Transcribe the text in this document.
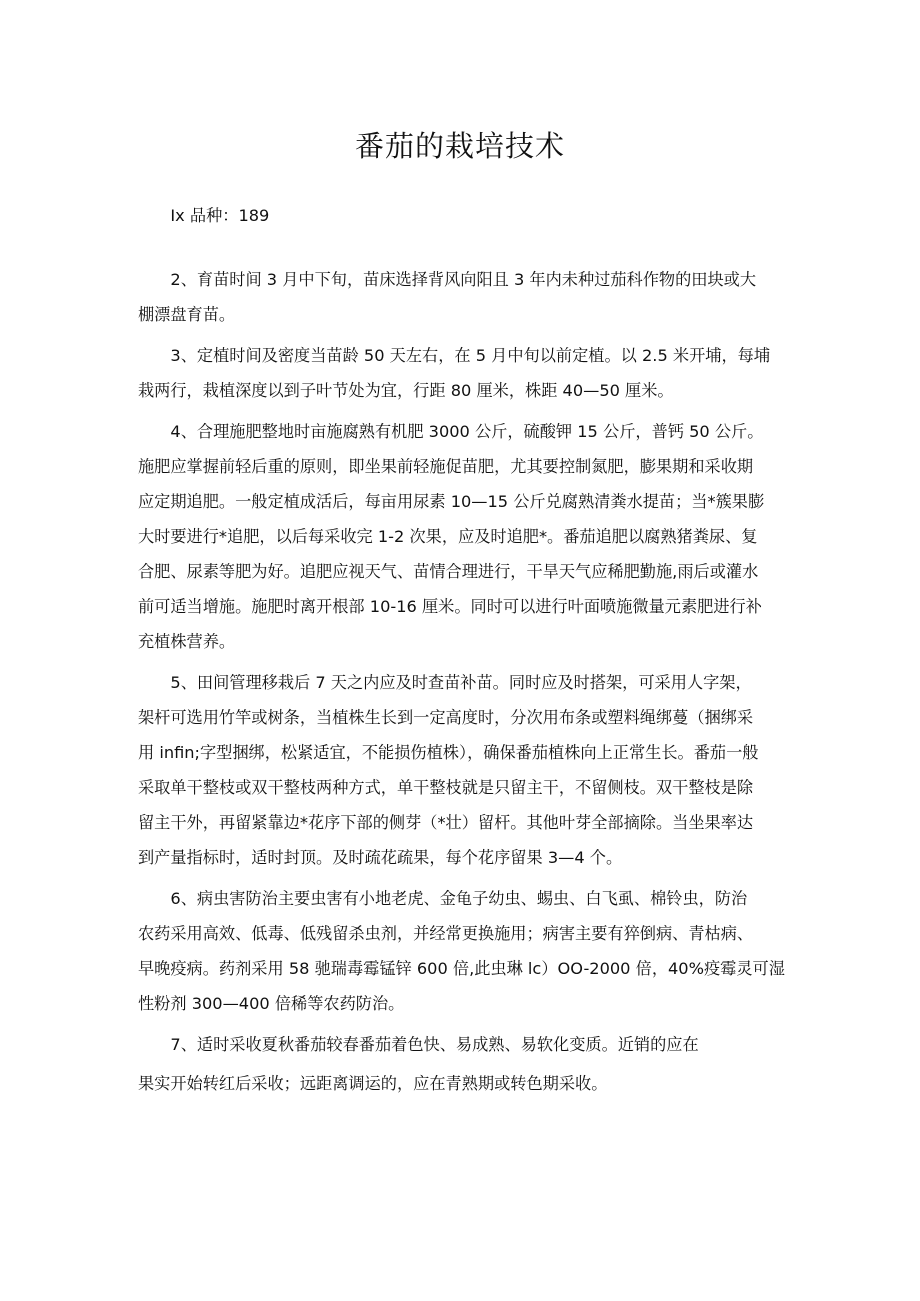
番茄的栽培技术

Ix 品种：189

2、育苗时间 3 月中下旬，苗床选择背风向阳且 3 年内未种过茄科作物的田块或大
棚漂盘育苗。

3、定植时间及密度当苗龄 50 天左右，在 5 月中旬以前定植。以 2.5 米开埔，每埔
栽两行，栽植深度以到子叶节处为宜，行距 80 厘米，株距 40—50 厘米。

4、合理施肥整地时亩施腐熟有机肥 3000 公斤，硫酸钾 15 公斤，普钙 50 公斤。
施肥应掌握前轻后重的原则，即坐果前轻施促苗肥，尤其要控制氮肥，膨果期和采收期
应定期追肥。一般定植成活后，每亩用尿素 10—15 公斤兑腐熟清粪水提苗；当*簇果膨
大时要进行*追肥，以后每采收完 1-2 次果，应及时追肥*。番茄追肥以腐熟猪粪尿、复
合肥、尿素等肥为好。追肥应视天气、苗情合理进行，干旱天气应稀肥勤施,雨后或灌水
前可适当增施。施肥时离开根部 10-16 厘米。同时可以进行叶面喷施微量元素肥进行补
充植株营养。

5、田间管理移栽后 7 天之内应及时查苗补苗。同时应及时搭架，可采用人字架，
架杆可选用竹竿或树条，当植株生长到一定高度时，分次用布条或塑料绳绑蔓（捆绑采
用 infin;字型捆绑，松紧适宜，不能损伤植株），确保番茄植株向上正常生长。番茄一般
采取单干整枝或双干整枝两种方式，单干整枝就是只留主干，不留侧枝。双干整枝是除
留主干外，再留紧靠边*花序下部的侧芽（*壮）留杆。其他叶芽全部摘除。当坐果率达
到产量指标时，适时封顶。及时疏花疏果，每个花序留果 3—4 个。

6、病虫害防治主要虫害有小地老虎、金龟子幼虫、蜴虫、白飞虱、棉铃虫，防治
农药采用高效、低毒、低残留杀虫剂，并经常更换施用；病害主要有猝倒病、青枯病、
早晚疫病。药剂采用 58 驰瑞毒霉锰锌 600 倍,此虫琳 lc）OO-2000 倍，40%疫霉灵可湿
性粉剂 300—400 倍稀等农药防治。

7、适时采收夏秋番茄较春番茄着色快、易成熟、易软化变质。近销的应在

果实开始转红后采收；远距离调运的，应在青熟期或转色期采收。
